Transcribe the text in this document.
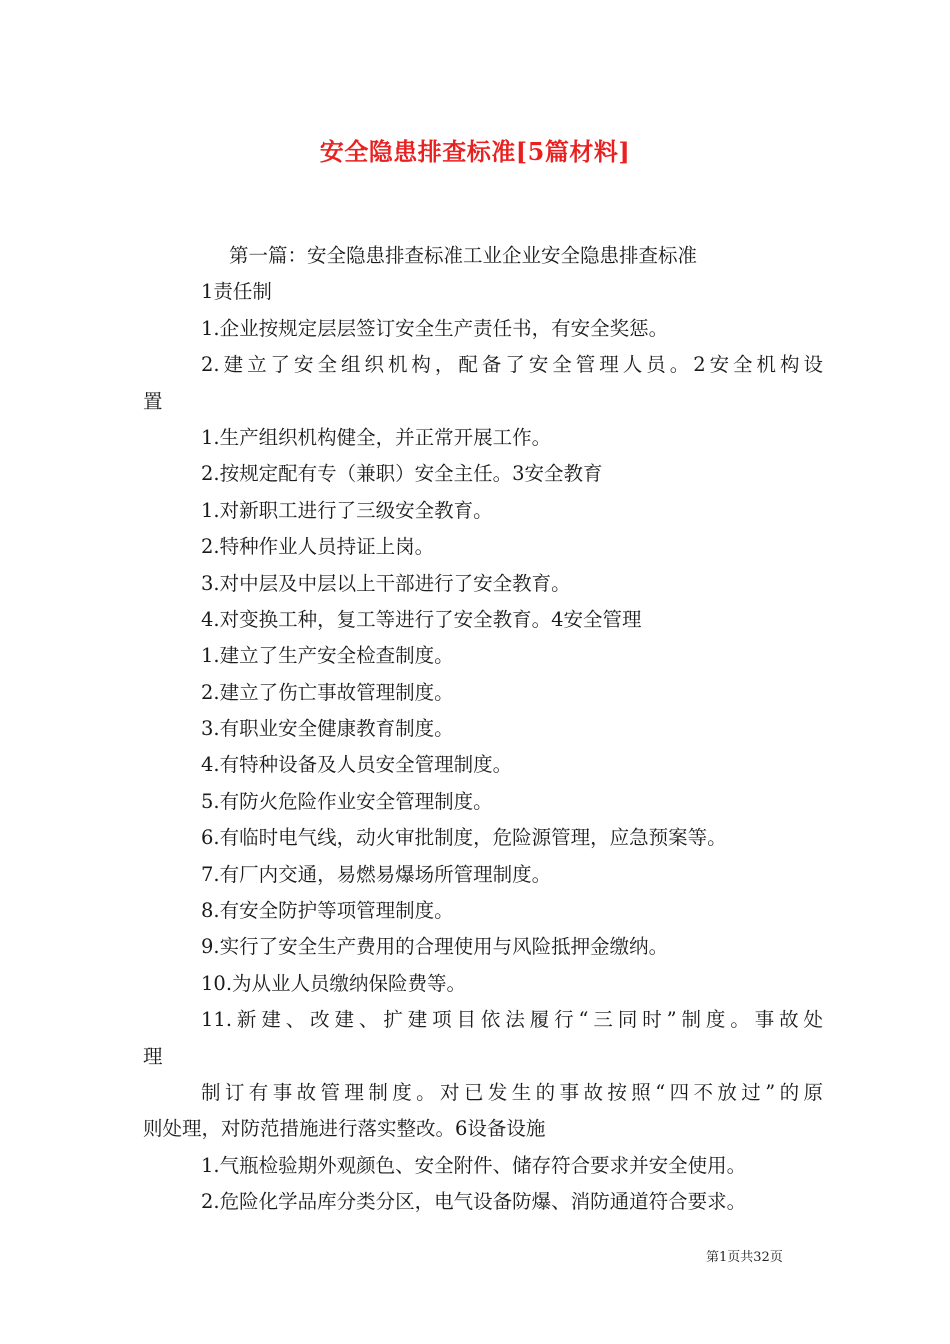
安全隐患排查标准[5篇材料]
第一篇：安全隐患排查标准工业企业安全隐患排查标准
1责任制
1.企业按规定层层签订安全生产责任书，有安全奖惩。
2.建立了安全组织机构，配备了安全管理人员。2安全机构设
置
1.生产组织机构健全，并正常开展工作。
2.按规定配有专（兼职）安全主任。3安全教育
1.对新职工进行了三级安全教育。
2.特种作业人员持证上岗。
3.对中层及中层以上干部进行了安全教育。
4.对变换工种，复工等进行了安全教育。4安全管理
1.建立了生产安全检查制度。
2.建立了伤亡事故管理制度。
3.有职业安全健康教育制度。
4.有特种设备及人员安全管理制度。
5.有防火危险作业安全管理制度。
6.有临时电气线，动火审批制度，危险源管理，应急预案等。
7.有厂内交通，易燃易爆场所管理制度。
8.有安全防护等项管理制度。
9.实行了安全生产费用的合理使用与风险抵押金缴纳。
10.为从业人员缴纳保险费等。
11.新建、改建、扩建项目依法履行“三同时”制度。事故处
理
制订有事故管理制度。对已发生的事故按照“四不放过”的原
则处理，对防范措施进行落实整改。6设备设施
1.气瓶检验期外观颜色、安全附件、储存符合要求并安全使用。
2.危险化学品库分类分区，电气设备防爆、消防通道符合要求。
第1页共32页
